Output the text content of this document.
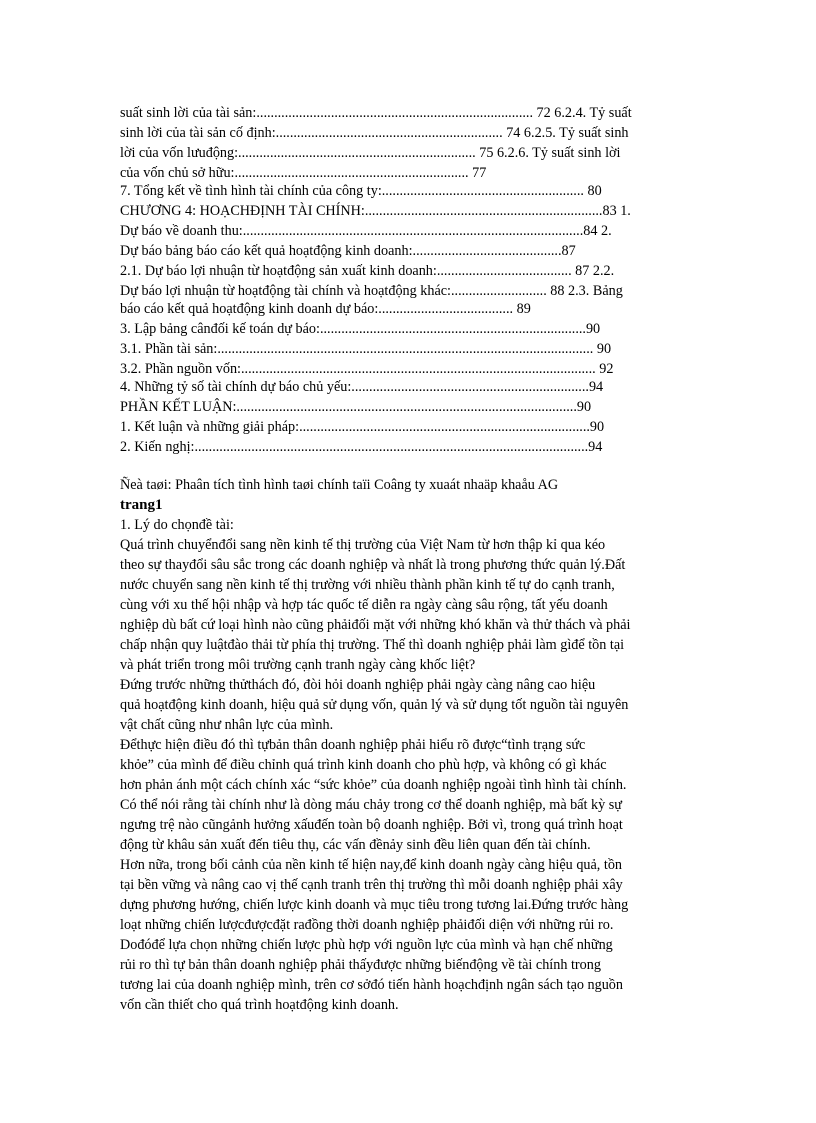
suất sinh lời của tài sản:.............................................................................. 72 6.2.4. Tỷ suất

sinh lời của tài sản cố định:................................................................ 74 6.2.5. Tỷ suất sinh

lời của vốn lưuđộng:................................................................... 75 6.2.6. Tỷ suất sinh lời

của vốn chủ sở hữu:.................................................................. 77

7. Tổng kết về tình hình tài chính của công ty:......................................................... 80

CHƯƠNG 4: HOẠCHĐỊNH TÀI CHÍNH:...................................................................83 1.

Dự báo về doanh thu:................................................................................................84 2.

Dự báo bảng báo cáo kết quả hoạtđộng kinh doanh:..........................................87

2.1. Dự báo lợi nhuận từ hoạtđộng sản xuất kinh doanh:...................................... 87 2.2.

Dự báo lợi nhuận từ hoạtđộng tài chính và hoạtđộng khác:........................... 88 2.3. Bảng

báo cáo kết quả hoạtđộng kinh doanh dự báo:...................................... 89

3. Lập bảng cânđối kế toán dự báo:...........................................................................90

3.1. Phần tài sản:.......................................................................................................... 90

3.2. Phần nguồn vốn:.................................................................................................... 92

4. Những tỷ số tài chính dự báo chủ yếu:...................................................................94

PHẦN KẾT LUẬN:................................................................................................90

1. Kết luận và những giải pháp:..................................................................................90

2. Kiến nghị:...............................................................................................................94

Ñeà taøi: Phaân tích tình hình taøi chính taïi Coâng ty xuaát nhaäp khaåu AG

trang1

1. Lý do chọnđề tài:

Quá trình chuyểnđổi sang nền kinh tế thị trường của Việt Nam từ hơn thập kỉ qua kéo

theo sự thayđổi sâu sắc trong các doanh nghiệp và nhất là trong phương thức quản lý.Đất

nước chuyển sang nền kinh tế thị trường với nhiều thành phần kinh tế tự do cạnh tranh,

cùng với xu thế hội nhập và hợp tác quốc tế diễn ra ngày càng sâu rộng, tất yếu doanh

nghiệp dù bất cứ loại hình nào cũng phảiđối mặt với những khó khăn và thử thách và phải

chấp nhận quy luậtđào thải từ phía thị trường. Thế thì doanh nghiệp phải làm gìđể tồn tại

và phát triển trong môi trường cạnh tranh ngày càng khốc liệt?

Đứng trước những thửthách đó, đòi hỏi doanh nghiệp phải ngày càng nâng cao hiệu

quả hoạtđộng kinh doanh, hiệu quả sử dụng vốn, quản lý và sử dụng tốt nguồn tài nguyên

vật chất cũng như nhân lực của mình.

Đểthực hiện điều đó thì tựbản thân doanh nghiệp phải hiểu rõ được“tình trạng sức

khỏe” của mình để điều chỉnh quá trình kinh doanh cho phù hợp, và không có gì khác

hơn phản ánh một cách chính xác “sức khỏe” của doanh nghiệp ngoài tình hình tài chính.

Có thể nói rằng tài chính như là dòng máu chảy trong cơ thể doanh nghiệp, mà bất kỳ sự

ngưng trệ nào cũngảnh hưởng xấuđến toàn bộ doanh nghiệp. Bởi vì, trong quá trình hoạt

động từ khâu sản xuất đến tiêu thụ, các vấn đềnảy sinh đều liên quan đến tài chính.

Hơn nữa, trong bối cảnh của nền kinh tế hiện nay,để kinh doanh ngày càng hiệu quả, tồn

tại bền vững và nâng cao vị thế cạnh tranh trên thị trường thì mỗi doanh nghiệp phải xây

dựng phương hướng, chiến lược kinh doanh và mục tiêu trong tương lai.Đứng trước hàng

loạt những chiến lượcđượcđặt rađồng thời doanh nghiệp phảiđối diện với những rủi ro.

Dođóđể lựa chọn những chiến lược phù hợp với nguồn lực của mình và hạn chế những

rủi ro thì tự bản thân doanh nghiệp phải thấyđược những biếnđộng về tài chính trong

tương lai của doanh nghiệp mình, trên cơ sởđó tiến hành hoạchđịnh ngân sách tạo nguồn

vốn cần thiết cho quá trình hoạtđộng kinh doanh.
